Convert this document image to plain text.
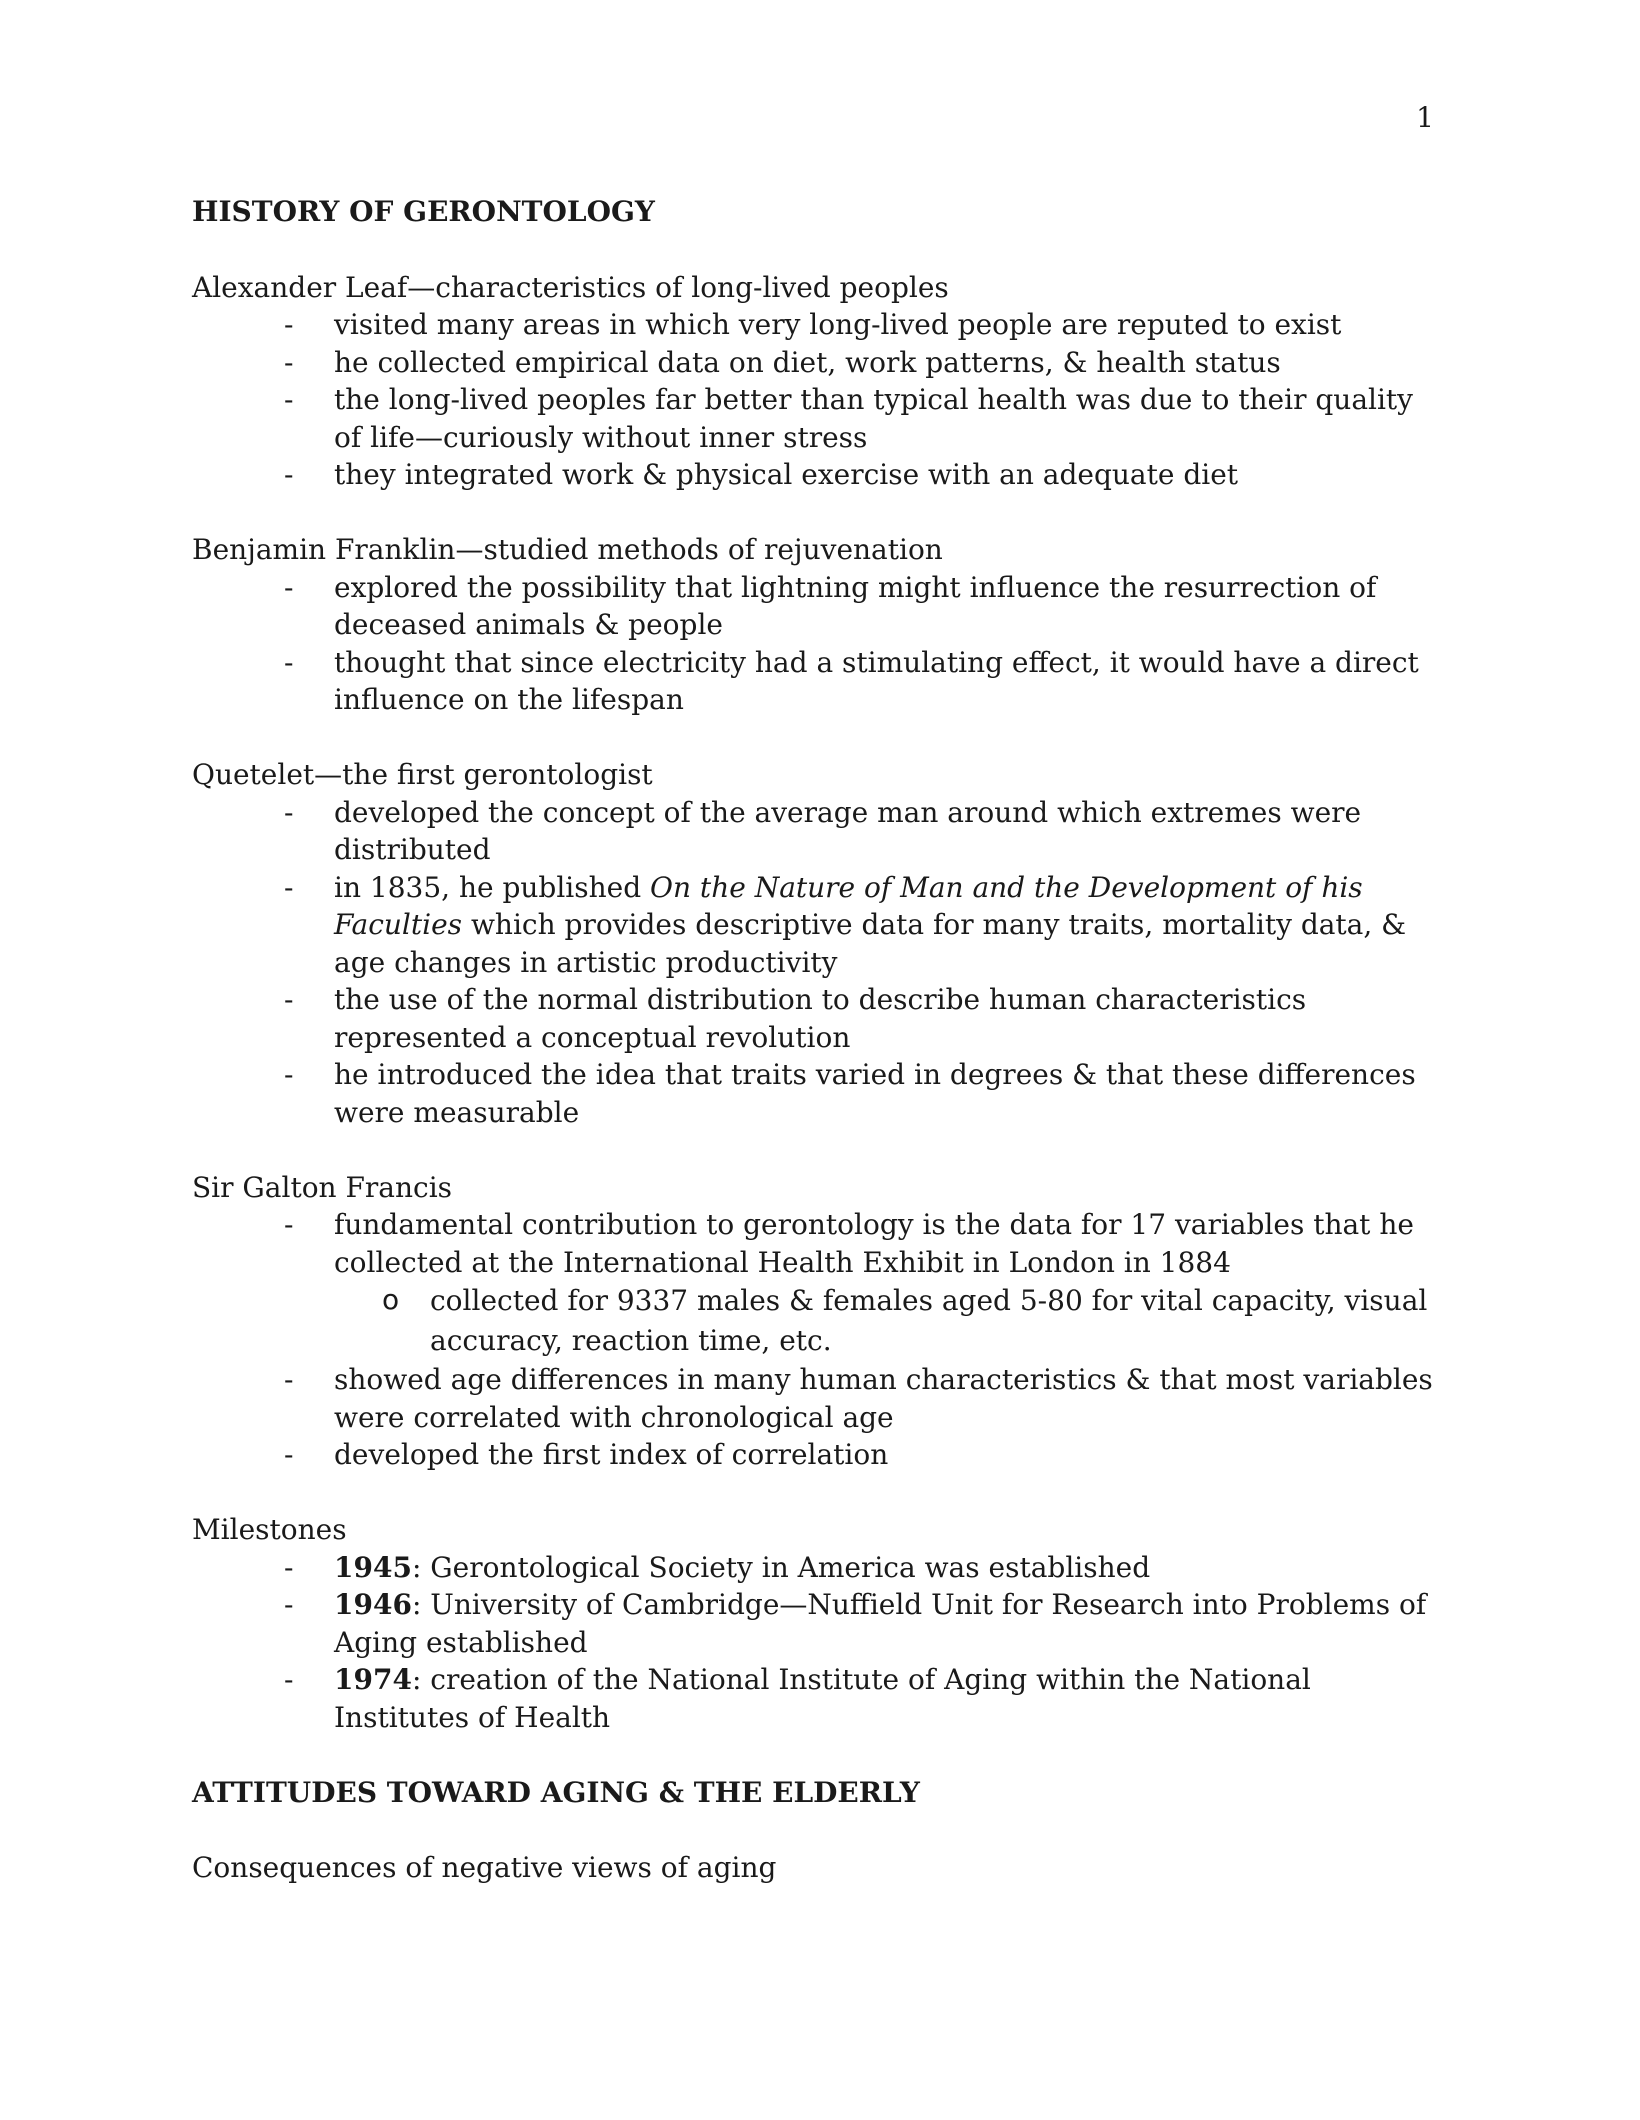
1

HISTORY OF GERONTOLOGY

Alexander Leaf—characteristics of long-lived peoples

- visited many areas in which very long-lived people are reputed to exist
- he collected empirical data on diet, work patterns, & health status
- the long-lived peoples far better than typical health was due to their quality of life—curiously without inner stress
- they integrated work & physical exercise with an adequate diet

Benjamin Franklin—studied methods of rejuvenation

- explored the possibility that lightning might influence the resurrection of deceased animals & people
- thought that since electricity had a stimulating effect, it would have a direct influence on the lifespan

Quetelet—the first gerontologist

- developed the concept of the average man around which extremes were distributed
- in 1835, he published On the Nature of Man and the Development of his Faculties which provides descriptive data for many traits, mortality data, & age changes in artistic productivity
- the use of the normal distribution to describe human characteristics represented a conceptual revolution
- he introduced the idea that traits varied in degrees & that these differences were measurable

Sir Galton Francis

- fundamental contribution to gerontology is the data for 17 variables that he collected at the International Health Exhibit in London in 1884
o collected for 9337 males & females aged 5-80 for vital capacity, visual accuracy, reaction time, etc.
- showed age differences in many human characteristics & that most variables were correlated with chronological age
- developed the first index of correlation

Milestones

- 1945: Gerontological Society in America was established
- 1946: University of Cambridge—Nuffield Unit for Research into Problems of Aging established
- 1974: creation of the National Institute of Aging within the National Institutes of Health

ATTITUDES TOWARD AGING & THE ELDERLY

Consequences of negative views of aging
